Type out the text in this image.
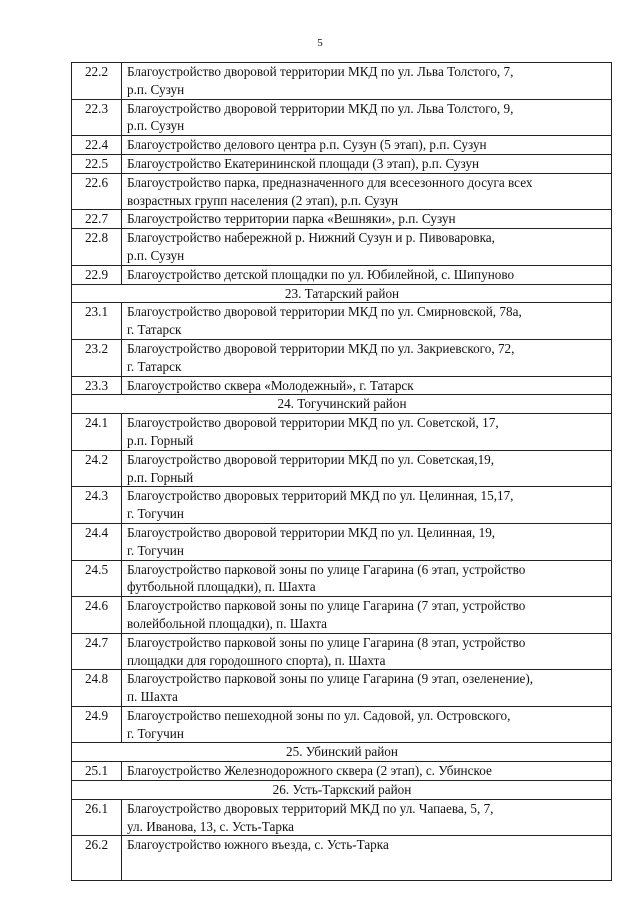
5
22.2	Благоустройство дворовой территории МКД по ул. Льва Толстого, 7,
р.п. Сузун

22.3	Благоустройство дворовой территории МКД по ул. Льва Толстого, 9,
р.п. Сузун

22.4	Благоустройство делового центра р.п. Сузун (5 этап), р.п. Сузун

22.5	Благоустройство Екатерининской площади (3 этап), р.п. Сузун

22.6	Благоустройство парка, предназначенного для всесезонного досуга всех
возрастных групп населения (2 этап), р.п. Сузун

22.7	Благоустройство территории парка «Вешняки», р.п. Сузун

22.8	Благоустройство набережной р. Нижний Сузун и р. Пивоваровка,
р.п. Сузун

22.9	Благоустройство детской площадки по ул. Юбилейной, с. Шипуново

23. Татарский район	
23.1	Благоустройство дворовой территории МКД по ул. Смирновской, 78а,
г. Татарск

23.2	Благоустройство дворовой территории МКД по ул. Закриевского, 72,
г. Татарск

23.3	Благоустройство сквера «Молодежный», г. Татарск

24. Тогучинский район	
24.1	Благоустройство дворовой территории МКД по ул. Советской, 17,
р.п. Горный

24.2	Благоустройство дворовой территории МКД по ул. Советская,19,
р.п. Горный

24.3	Благоустройство дворовых территорий МКД по ул. Целинная, 15,17,
г. Тогучин

24.4	Благоустройство дворовой территории МКД по ул. Целинная, 19,
г. Тогучин

24.5	Благоустройство парковой зоны по улице Гагарина (6 этап, устройство
футбольной площадки), п. Шахта

24.6	Благоустройство парковой зоны по улице Гагарина (7 этап, устройство
волейбольной площадки), п. Шахта

24.7	Благоустройство парковой зоны по улице Гагарина (8 этап, устройство
площадки для городошного спорта), п. Шахта

24.8	Благоустройство парковой зоны по улице Гагарина (9 этап, озеленение),
п. Шахта

24.9	Благоустройство пешеходной зоны по ул. Садовой, ул. Островского,
г. Тогучин

25. Убинский район	
25.1	Благоустройство Железнодорожного сквера (2 этап), с. Убинское

26. Усть-Таркский район	
26.1	Благоустройство дворовых территорий МКД по ул. Чапаева, 5, 7,
ул. Иванова, 13, с. Усть-Тарка

26.2	Благоустройство южного въезда, с. Усть-Тарка
